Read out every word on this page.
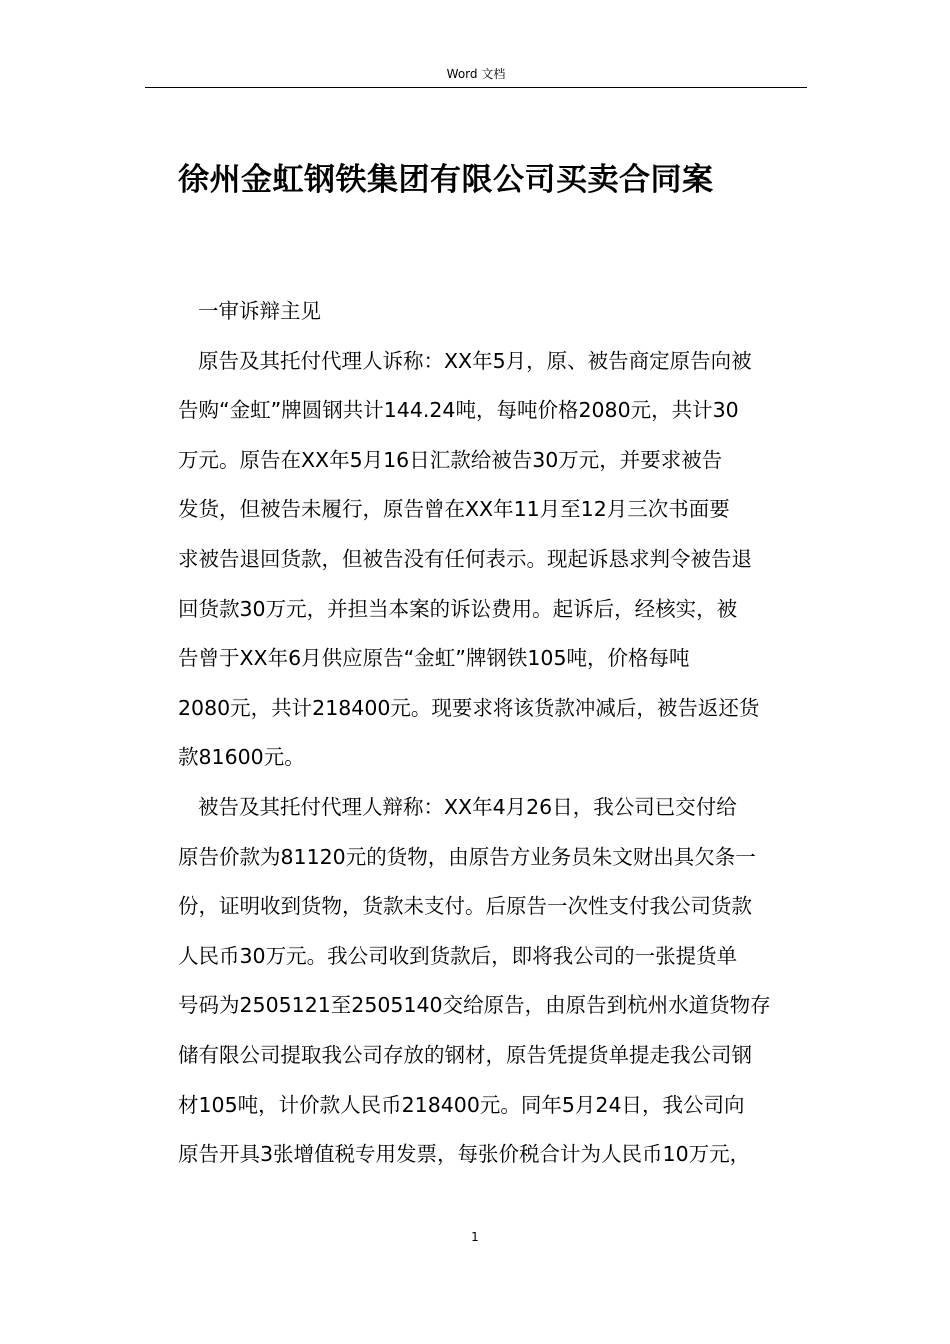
Word 文档
徐州金虹钢铁集团有限公司买卖合同案
一审诉辩主见
原告及其托付代理人诉称：XX年5月，原、被告商定原告向被
告购“金虹”牌圆钢共计144.24吨，每吨价格2080元，共计30
万元。原告在XX年5月16日汇款给被告30万元，并要求被告
发货，但被告未履行，原告曾在XX年11月至12月三次书面要
求被告退回货款，但被告没有任何表示。现起诉恳求判令被告退
回货款30万元，并担当本案的诉讼费用。起诉后，经核实，被
告曾于XX年6月供应原告“金虹”牌钢铁105吨，价格每吨
2080元，共计218400元。现要求将该货款冲减后，被告返还货
款81600元。
被告及其托付代理人辩称：XX年4月26日，我公司已交付给
原告价款为81120元的货物，由原告方业务员朱文财出具欠条一
份，证明收到货物，货款未支付。后原告一次性支付我公司货款
人民币30万元。我公司收到货款后，即将我公司的一张提货单
号码为2505121至2505140交给原告，由原告到杭州水道货物存
储有限公司提取我公司存放的钢材，原告凭提货单提走我公司钢
材105吨，计价款人民币218400元。同年5月24日，我公司向
原告开具3张增值税专用发票，每张价税合计为人民币10万元，
1
